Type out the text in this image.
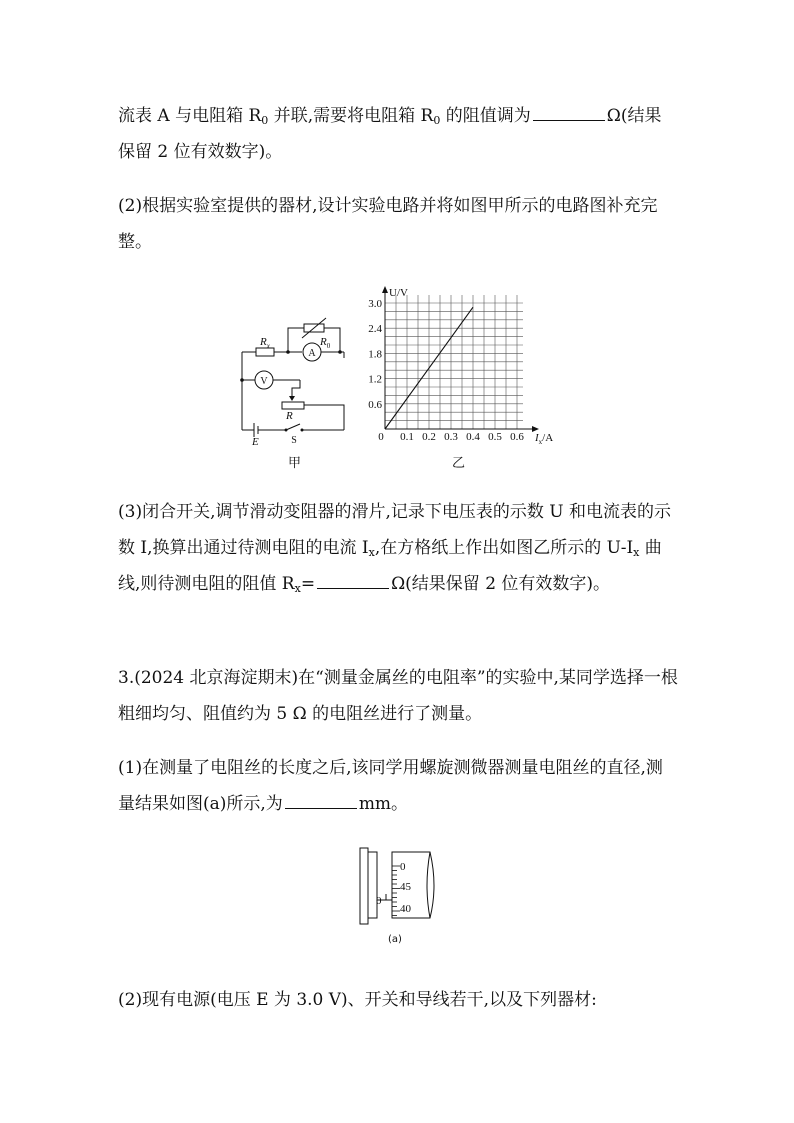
流表 A 与电阻箱 $R_0$ 并联,需要将电阻箱 $R_0$ 的阻值调为	Ω(结果保留 2 位有效数字)。
(2)根据实验室提供的器材,设计实验电路并将如图甲所示的电路图补充完整。
$R_x$	$R_0$
R
E
A
V
S
甲
0.1 0.2 0.3 0.4 0.5 0.6
0.6
1.2
1.8
2.4
3.0
U/V
$I_x/A$
0
乙
(3)闭合开关,调节滑动变阻器的滑片,记录下电压表的示数 U 和电流表的示数 I,换算出通过待测电阻的电流 $I_x$,在方格纸上作出如图乙所示的 $U-I_x$ 曲线,则待测电阻的阻值 $R_x=$	Ω(结果保留 2 位有效数字)。
3.(2024 北京海淀期末)在“测量金属丝的电阻率”的实验中,某同学选择一根粗细均匀、阻值约为 5 Ω 的电阻丝进行了测量。
(1)在测量了电阻丝的长度之后,该同学用螺旋测微器测量电阻丝的直径,测量结果如图(a)所示,为	mm。
0
0
45
40
(a)
(2)现有电源(电压 E 为 3.0 V)、开关和导线若干,以及下列器材:
